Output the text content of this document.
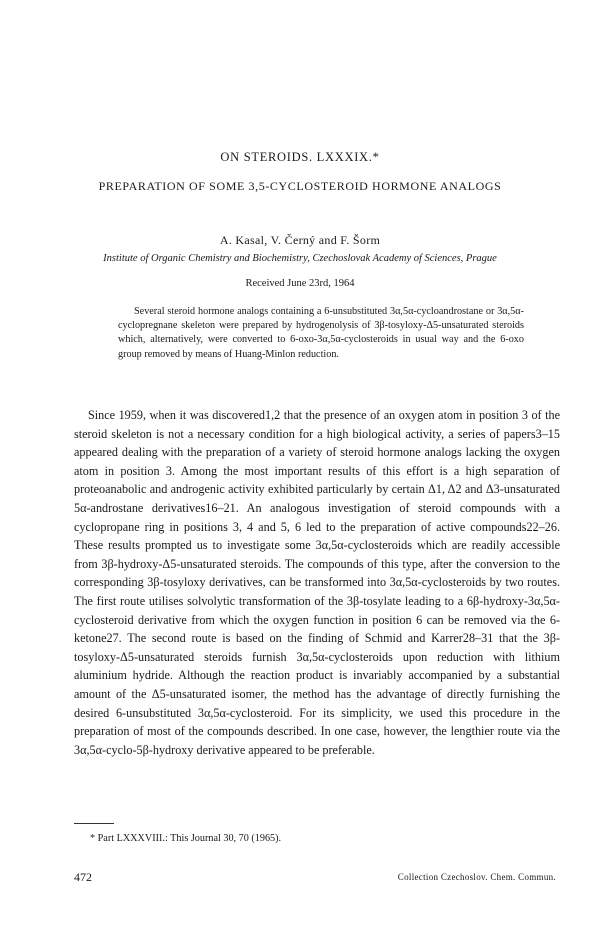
ON STEROIDS. LXXXIX.*
PREPARATION OF SOME 3,5-CYCLOSTEROID HORMONE ANALOGS
A. Kasal, V. Černý and F. Šorm
Institute of Organic Chemistry and Biochemistry, Czechoslovak Academy of Sciences, Prague
Received June 23rd, 1964

Several steroid hormone analogs containing a 6-unsubstituted 3α,5α-cycloandrostane or 3α,5α-cyclopregnane skeleton were prepared by hydrogenolysis of 3β-tosyloxy-Δ5-unsaturated steroids which, alternatively, were converted to 6-oxo-3α,5α-cyclosteroids in usual way and the 6-oxo group removed by means of Huang-Minlon reduction.

Since 1959, when it was discovered1,2 that the presence of an oxygen atom in position 3 of the steroid skeleton is not a necessary condition for a high biological activity, a series of papers3–15 appeared dealing with the preparation of a variety of steroid hormone analogs lacking the oxygen atom in position 3. Among the most important results of this effort is a high separation of proteoanabolic and androgenic activity exhibited particularly by certain Δ1, Δ2 and Δ3-unsaturated 5α-androstane derivatives16–21. An analogous investigation of steroid compounds with a cyclopropane ring in positions 3, 4 and 5, 6 led to the preparation of active compounds22–26. These results prompted us to investigate some 3α,5α-cyclosteroids which are readily accessible from 3β-hydroxy-Δ5-unsaturated steroids. The compounds of this type, after the conversion to the corresponding 3β-tosyloxy derivatives, can be transformed into 3α,5α-cyclosteroids by two routes. The first route utilises solvolytic transformation of the 3β-tosylate leading to a 6β-hydroxy-3α,5α-cyclosteroid derivative from which the oxygen function in position 6 can be removed via the 6-ketone27. The second route is based on the finding of Schmid and Karrer28–31 that the 3β-tosyloxy-Δ5-unsaturated steroids furnish 3α,5α-cyclosteroids upon reduction with lithium aluminium hydride. Although the reaction product is invariably accompanied by a substantial amount of the Δ5-unsaturated isomer, the method has the advantage of directly furnishing the desired 6-unsubstituted 3α,5α-cyclosteroid. For its simplicity, we used this procedure in the preparation of most of the compounds described. In one case, however, the lengthier route via the 3α,5α-cyclo-5β-hydroxy derivative appeared to be preferable.

* Part LXXXVIII.: This Journal 30, 70 (1965).
472	Collection Czechoslov. Chem. Commun.
